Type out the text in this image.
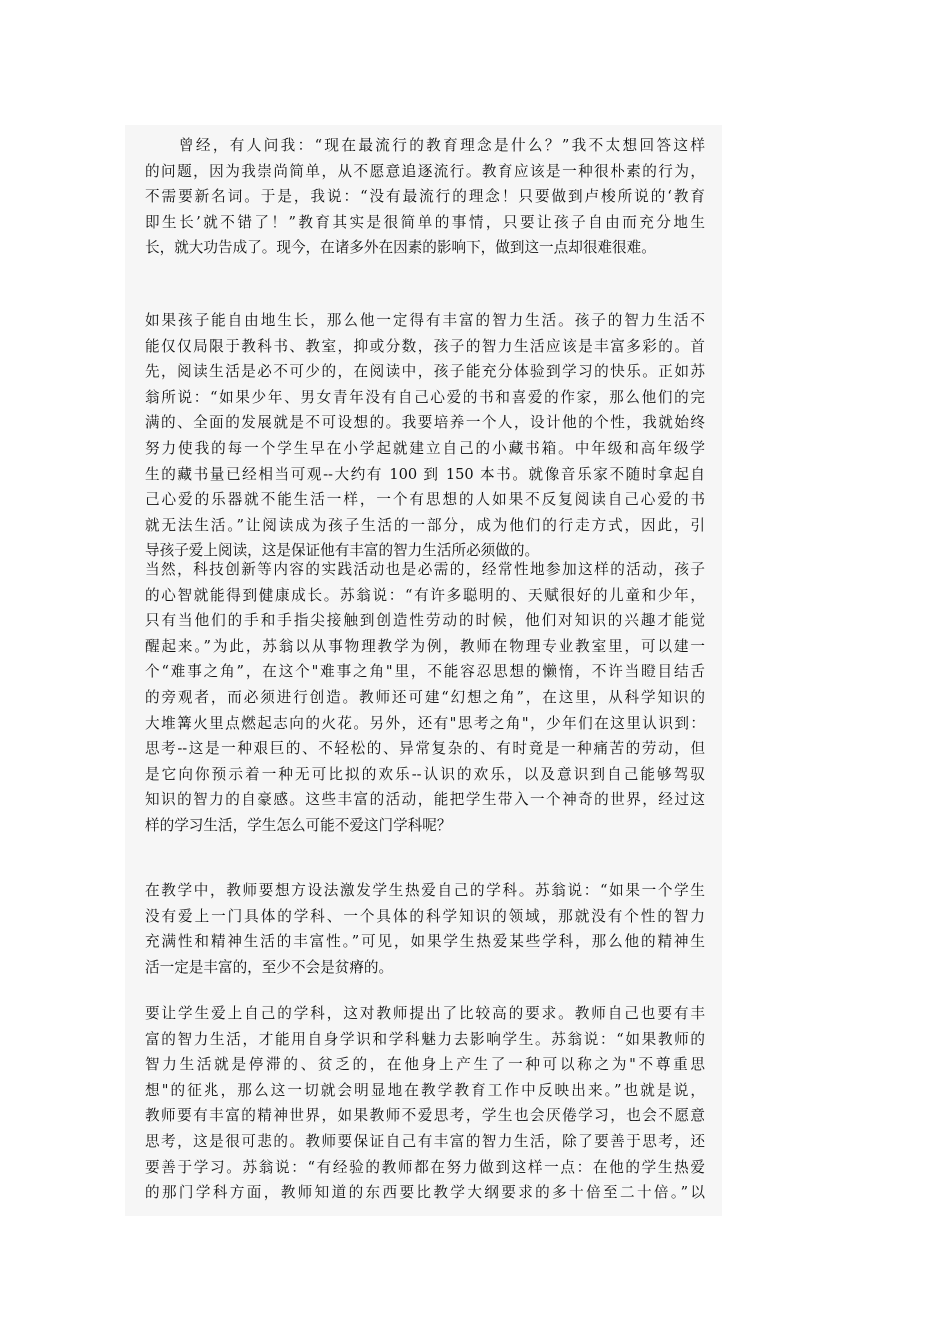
　　曾经，有人问我：“现在最流行的教育理念是什么？”我不太想回答这样
的问题，因为我崇尚简单，从不愿意追逐流行。教育应该是一种很朴素的行为，
不需要新名词。于是，我说：“没有最流行的理念！只要做到卢梭所说的‘教育
即生长’就不错了！”教育其实是很简单的事情，只要让孩子自由而充分地生
长，就大功告成了。现今，在诸多外在因素的影响下，做到这一点却很难很难。

如果孩子能自由地生长，那么他一定得有丰富的智力生活。孩子的智力生活不
能仅仅局限于教科书、教室，抑或分数，孩子的智力生活应该是丰富多彩的。首
先，阅读生活是必不可少的，在阅读中，孩子能充分体验到学习的快乐。正如苏
翁所说：“如果少年、男女青年没有自己心爱的书和喜爱的作家，那么他们的完
满的、全面的发展就是不可设想的。我要培养一个人，设计他的个性，我就始终
努力使我的每一个学生早在小学起就建立自己的小藏书箱。中年级和高年级学
生的藏书量已经相当可观--大约有 100 到 150 本书。就像音乐家不随时拿起自
己心爱的乐器就不能生活一样，一个有思想的人如果不反复阅读自己心爱的书
就无法生活。”让阅读成为孩子生活的一部分，成为他们的行走方式，因此，引
导孩子爱上阅读，这是保证他有丰富的智力生活所必须做的。

当然，科技创新等内容的实践活动也是必需的，经常性地参加这样的活动，孩子
的心智就能得到健康成长。苏翁说：“有许多聪明的、天赋很好的儿童和少年，
只有当他们的手和手指尖接触到创造性劳动的时候，他们对知识的兴趣才能觉
醒起来。”为此，苏翁以从事物理教学为例，教师在物理专业教室里，可以建一
个“难事之角”，在这个"难事之角"里，不能容忍思想的懒惰，不许当瞪目结舌
的旁观者，而必须进行创造。教师还可建“幻想之角”，在这里，从科学知识的
大堆篝火里点燃起志向的火花。另外，还有"思考之角"，少年们在这里认识到：
思考--这是一种艰巨的、不轻松的、异常复杂的、有时竟是一种痛苦的劳动，但
是它向你预示着一种无可比拟的欢乐--认识的欢乐，以及意识到自己能够驾驭
知识的智力的自豪感。这些丰富的活动，能把学生带入一个神奇的世界，经过这
样的学习生活，学生怎么可能不爱这门学科呢？

在教学中，教师要想方设法激发学生热爱自己的学科。苏翁说：“如果一个学生
没有爱上一门具体的学科、一个具体的科学知识的领域，那就没有个性的智力
充满性和精神生活的丰富性。”可见，如果学生热爱某些学科，那么他的精神生
活一定是丰富的，至少不会是贫瘠的。

要让学生爱上自己的学科，这对教师提出了比较高的要求。教师自己也要有丰
富的智力生活，才能用自身学识和学科魅力去影响学生。苏翁说：“如果教师的
智力生活就是停滞的、贫乏的，在他身上产生了一种可以称之为"不尊重思
想"的征兆，那么这一切就会明显地在教学教育工作中反映出来。”也就是说，
教师要有丰富的精神世界，如果教师不爱思考，学生也会厌倦学习，也会不愿意
思考，这是很可悲的。教师要保证自己有丰富的智力生活，除了要善于思考，还
要善于学习。苏翁说：“有经验的教师都在努力做到这样一点：在他的学生热爱
的那门学科方面，教师知道的东西要比教学大纲要求的多十倍至二十倍。”以
